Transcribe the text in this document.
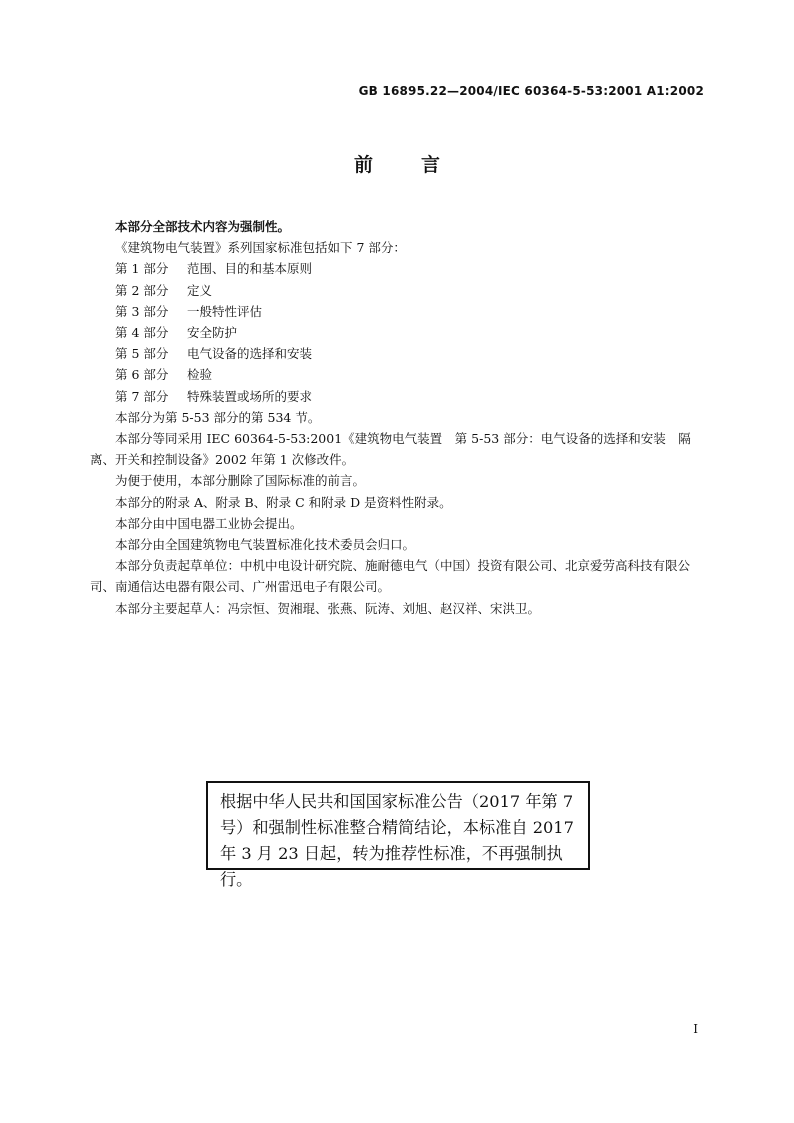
GB 16895.22—2004/IEC 60364-5-53:2001 A1:2002
前言

本部分全部技术内容为强制性。

《建筑物电气装置》系列国家标准包括如下 7 部分：

第 1 部分 范围、目的和基本原则

第 2 部分 定义

第 3 部分 一般特性评估

第 4 部分 安全防护

第 5 部分 电气设备的选择和安装

第 6 部分 检验

第 7 部分 特殊装置或场所的要求

本部分为第 5-53 部分的第 534 节。

本部分等同采用 IEC 60364-5-53:2001《建筑物电气装置　第 5-53 部分：电气设备的选择和安装　隔离、开关和控制设备》2002 年第 1 次修改件。

为便于使用，本部分删除了国际标准的前言。

本部分的附录 A、附录 B、附录 C 和附录 D 是资料性附录。

本部分由中国电器工业协会提出。

本部分由全国建筑物电气装置标准化技术委员会归口。

本部分负责起草单位：中机中电设计研究院、施耐德电气（中国）投资有限公司、北京爱劳高科技有限公司、南通信达电器有限公司、广州雷迅电子有限公司。

本部分主要起草人：冯宗恒、贺湘琨、张燕、阮涛、刘旭、赵汉祥、宋洪卫。

根据中华人民共和国国家标准公告（2017 年第 7 号）和强制性标准整合精简结论，本标准自 2017 年 3 月 23 日起，转为推荐性标准，不再强制执行。
I
